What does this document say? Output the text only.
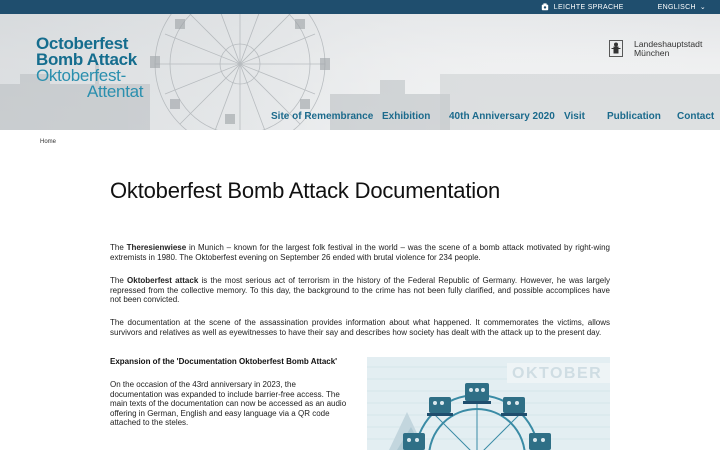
LEICHTE SPRACHE	ENGLISCH ⌄
Octoberfest
Bomb Attack
Oktoberfest-
Attentat
Landeshauptstadt
München
Site of Remembrance Exhibition 40th Anniversary 2020 Visit Publication Contact
Home
Oktoberfest Bomb Attack Documentation

The Theresienwiese in Munich – known for the largest folk festival in the world – was the scene of a bomb attack motivated by right-wing extremists in 1980. The Oktoberfest evening on September 26 ended with brutal violence for 234 people.

The Oktoberfest attack is the most serious act of terrorism in the history of the Federal Republic of Germany. However, he was largely repressed from the collective memory. To this day, the background to the crime has not been fully clarified, and possible accomplices have not been convicted.

The documentation at the scene of the assassination provides information about what happened. It commemorates the victims, allows survivors and relatives as well as eyewitnesses to have their say and describes how society has dealt with the attack up to the present day.

Expansion of the 'Documentation Oktoberfest Bomb Attack'

On the occasion of the 43rd anniversary in 2023, the documentation was expanded to include barrier-free access. The main texts of the documentation can now be accessed as an audio offering in German, English and easy language via a QR code attached to the steles.

OKTOBER
